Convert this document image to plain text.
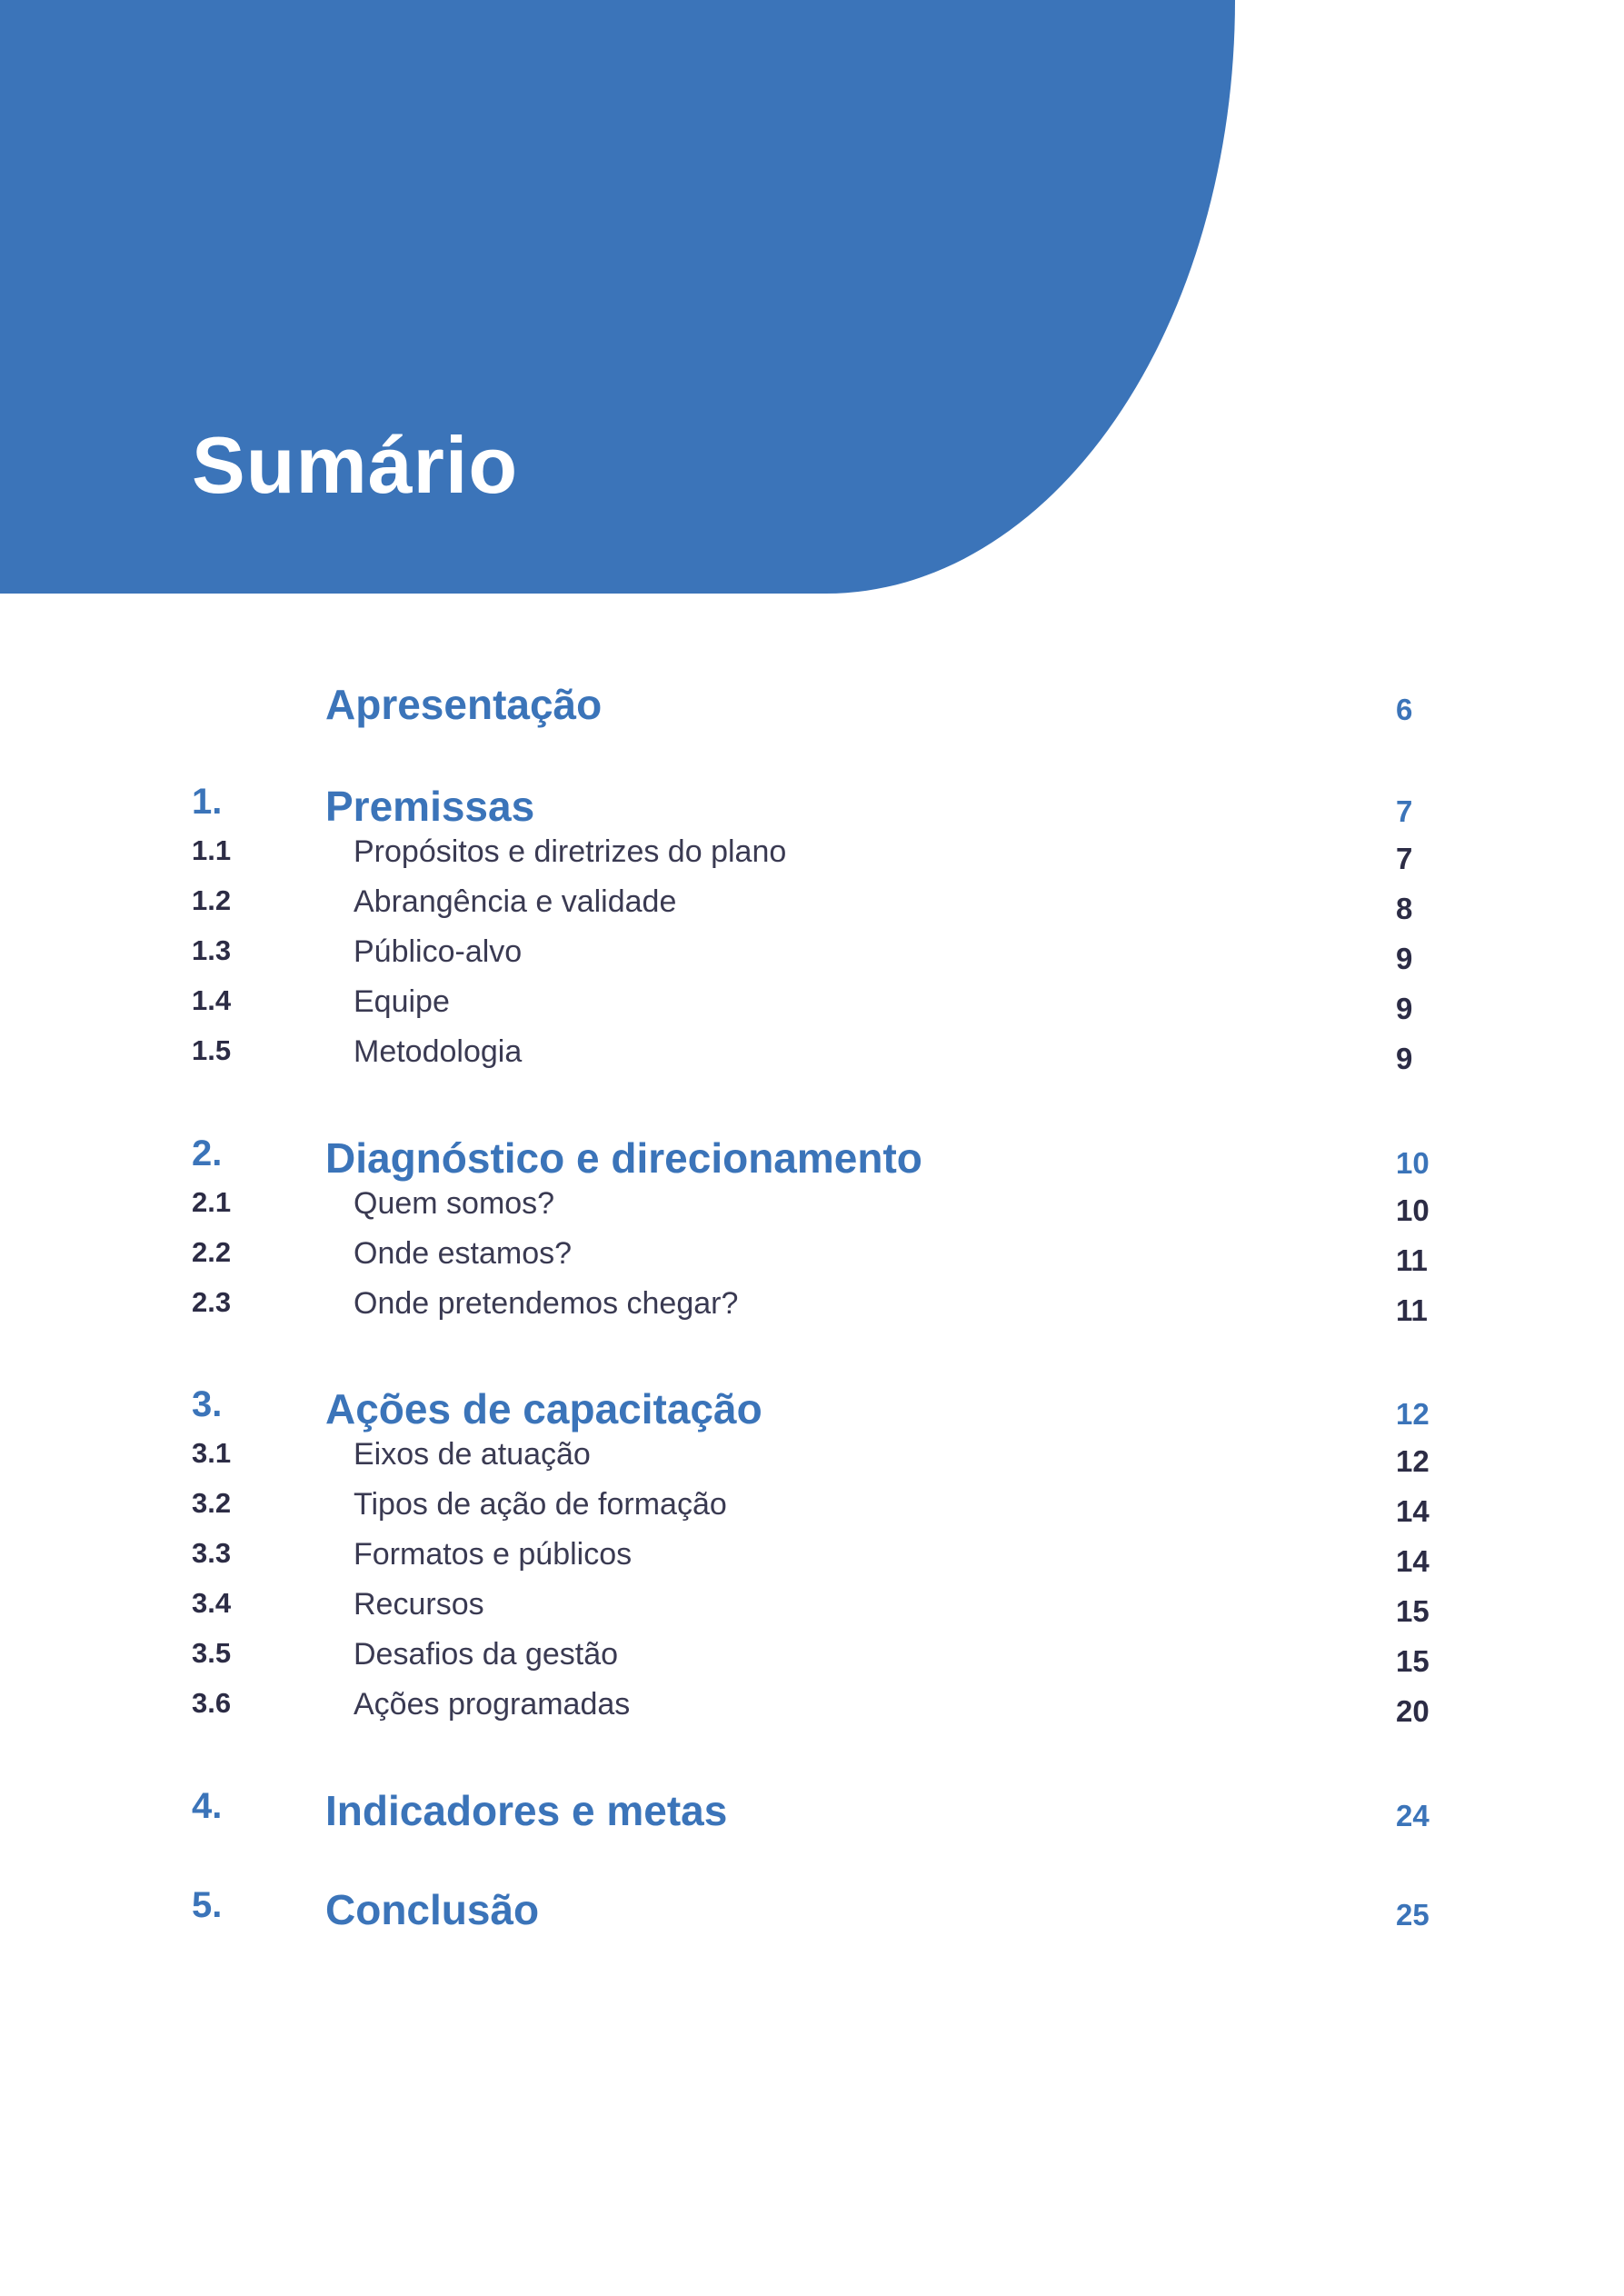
Sumário
Apresentação	6
1. Premissas	7
1.1	Propósitos e diretrizes do plano	7
1.2	Abrangência e validade	8
1.3	Público-alvo	9
1.4	Equipe	9
1.5	Metodologia	9
2. Diagnóstico e direcionamento	10
2.1	Quem somos?	10
2.2	Onde estamos?	11
2.3	Onde pretendemos chegar?	11
3. Ações de capacitação	12
3.1	Eixos de atuação	12
3.2	Tipos de ação de formação	14
3.3	Formatos e públicos	14
3.4	Recursos	15
3.5	Desafios da gestão	15
3.6	Ações programadas	20
4. Indicadores e metas	24
5. Conclusão	25
